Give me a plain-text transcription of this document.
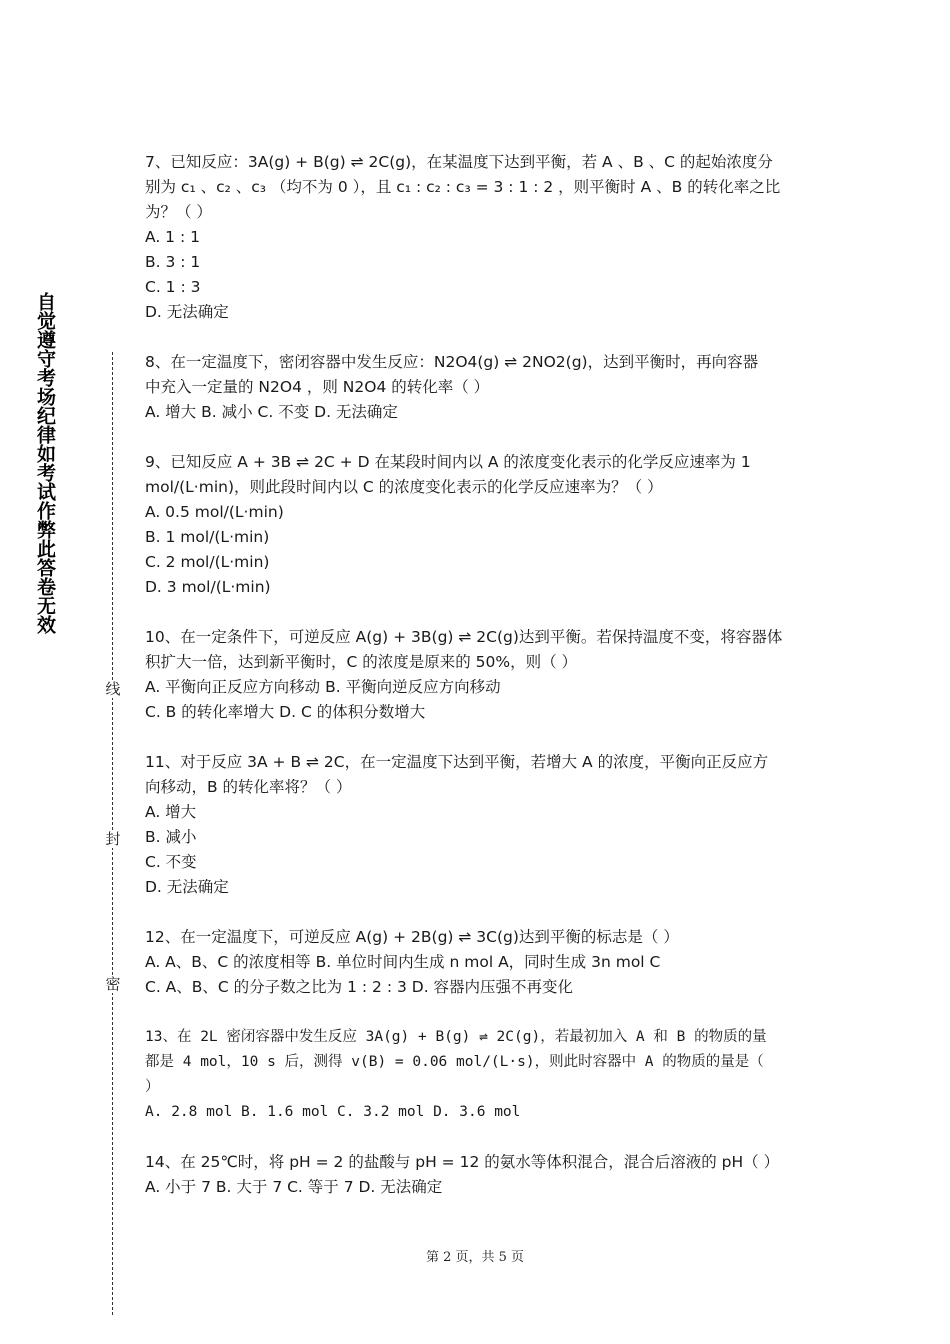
自觉遵守考场纪律如考试作弊此答卷无效
线
封
密

7、已知反应：3A(g) + B(g) ⇌ 2C(g)，在某温度下达到平衡，若 A 、B 、C 的起始浓度分

别为 c₁ 、c₂ 、c₃ （均不为 0 ），且 c₁ : c₂ : c₃ = 3 : 1 : 2 ，则平衡时 A 、B 的转化率之比

为？（ ）

A. 1 : 1

B. 3 : 1

C. 1 : 3

D. 无法确定

8、在一定温度下，密闭容器中发生反应：N2O4(g) ⇌ 2NO2(g)，达到平衡时，再向容器

中充入一定量的 N2O4 ，则 N2O4 的转化率（ ）

A. 增大 B. 减小 C. 不变 D. 无法确定

9、已知反应 A + 3B ⇌ 2C + D 在某段时间内以 A 的浓度变化表示的化学反应速率为 1

mol/(L·min)，则此段时间内以 C 的浓度变化表示的化学反应速率为？（ ）

A. 0.5 mol/(L·min)

B. 1 mol/(L·min)

C. 2 mol/(L·min)

D. 3 mol/(L·min)

10、在一定条件下，可逆反应 A(g) + 3B(g) ⇌ 2C(g)达到平衡。若保持温度不变，将容器体

积扩大一倍，达到新平衡时，C 的浓度是原来的 50%，则（ ）

A. 平衡向正反应方向移动 B. 平衡向逆反应方向移动

C. B 的转化率增大 D. C 的体积分数增大

11、对于反应 3A + B ⇌ 2C，在一定温度下达到平衡，若增大 A 的浓度，平衡向正反应方

向移动，B 的转化率将？（ ）

A. 增大

B. 减小

C. 不变

D. 无法确定

12、在一定温度下，可逆反应 A(g) + 2B(g) ⇌ 3C(g)达到平衡的标志是（ ）

A. A、B、C 的浓度相等 B. 单位时间内生成 n mol A，同时生成 3n mol C

C. A、B、C 的分子数之比为 1 : 2 : 3 D. 容器内压强不再变化

13、在 2L 密闭容器中发生反应 3A(g) + B(g) ⇌ 2C(g)，若最初加入 A 和 B 的物质的量

都是 4 mol，10 s 后，测得 v(B) = 0.06 mol/(L·s)，则此时容器中 A 的物质的量是（

）

A. 2.8 mol B. 1.6 mol C. 3.2 mol D. 3.6 mol

14、在 25℃时，将 pH = 2 的盐酸与 pH = 12 的氨水等体积混合，混合后溶液的 pH（ ）

A. 小于 7 B. 大于 7 C. 等于 7 D. 无法确定

第 2 页，共 5 页
